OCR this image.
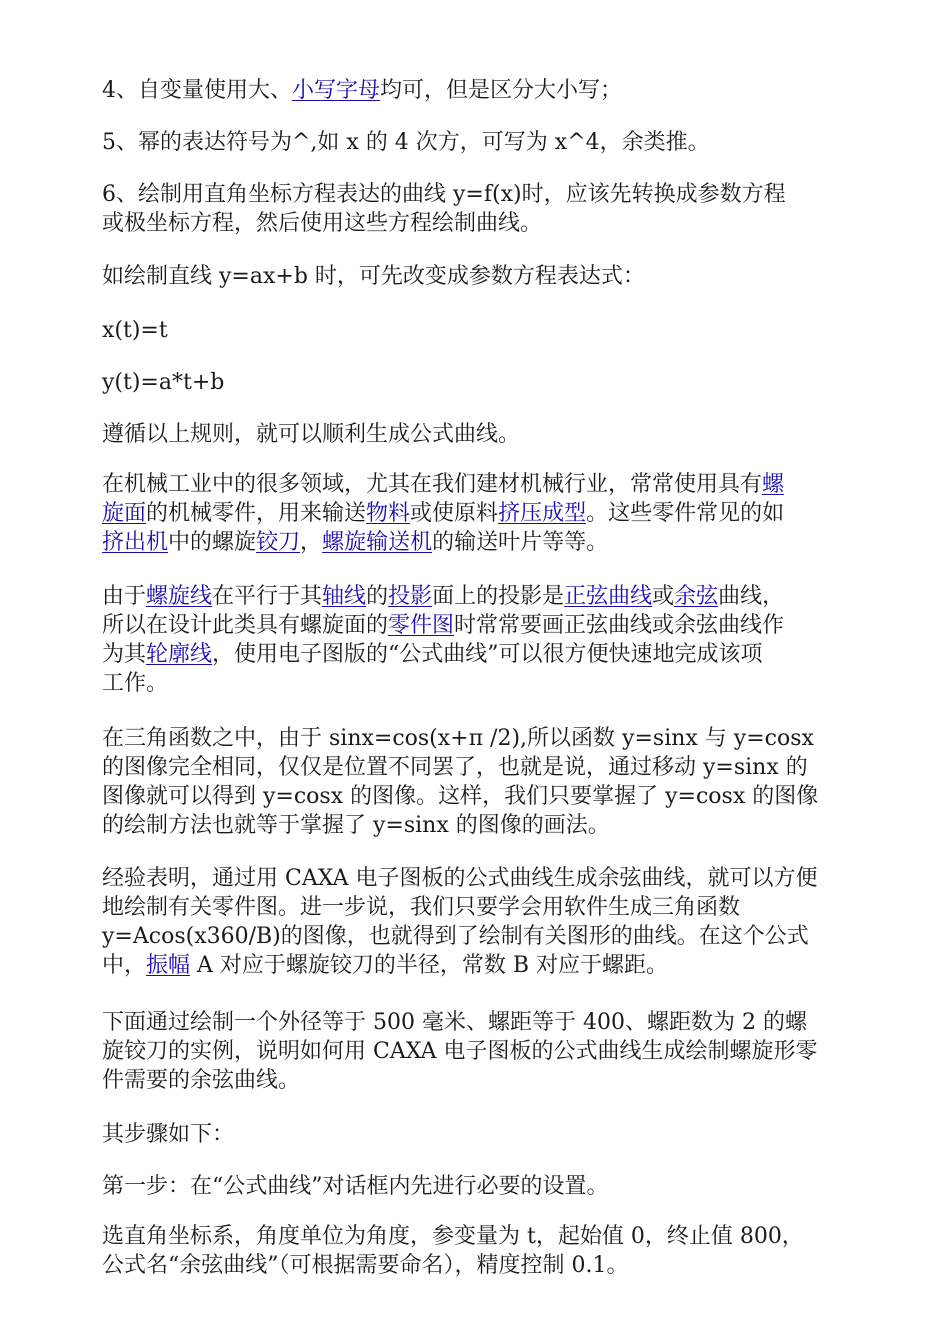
4、自变量使用大、小写字母均可，但是区分大小写；

5、幂的表达符号为^,如 x 的 4 次方，可写为 x^4，余类推。

6、绘制用直角坐标方程表达的曲线 y=f(x)时，应该先转换成参数方程
或极坐标方程，然后使用这些方程绘制曲线。

如绘制直线 y=ax+b 时，可先改变成参数方程表达式：

x(t)=t

y(t)=a*t+b

遵循以上规则，就可以顺利生成公式曲线。

在机械工业中的很多领域，尤其在我们建材机械行业，常常使用具有螺
旋面的机械零件，用来输送物料或使原料挤压成型。这些零件常见的如
挤出机中的螺旋铰刀，螺旋输送机的输送叶片等等。

由于螺旋线在平行于其轴线的投影面上的投影是正弦曲线或余弦曲线，
所以在设计此类具有螺旋面的零件图时常常要画正弦曲线或余弦曲线作
为其轮廓线，使用电子图版的“公式曲线”可以很方便快速地完成该项
工作。

在三角函数之中，由于 sinx=cos(x+π /2),所以函数 y=sinx 与 y=cosx
的图像完全相同，仅仅是位置不同罢了，也就是说，通过移动 y=sinx 的
图像就可以得到 y=cosx 的图像。这样，我们只要掌握了 y=cosx 的图像
的绘制方法也就等于掌握了 y=sinx 的图像的画法。

经验表明，通过用 CAXA 电子图板的公式曲线生成余弦曲线，就可以方便
地绘制有关零件图。进一步说，我们只要学会用软件生成三角函数
y=Acos(x360/B)的图像，也就得到了绘制有关图形的曲线。在这个公式
中，振幅 A 对应于螺旋铰刀的半径，常数 B 对应于螺距。

下面通过绘制一个外径等于 500 毫米、螺距等于 400、螺距数为 2 的螺
旋铰刀的实例，说明如何用 CAXA 电子图板的公式曲线生成绘制螺旋形零
件需要的余弦曲线。

其步骤如下：

第一步：在“公式曲线”对话框内先进行必要的设置。

选直角坐标系，角度单位为角度，参变量为 t，起始值 0，终止值 800，
公式名“余弦曲线”（可根据需要命名），精度控制 0.1。
